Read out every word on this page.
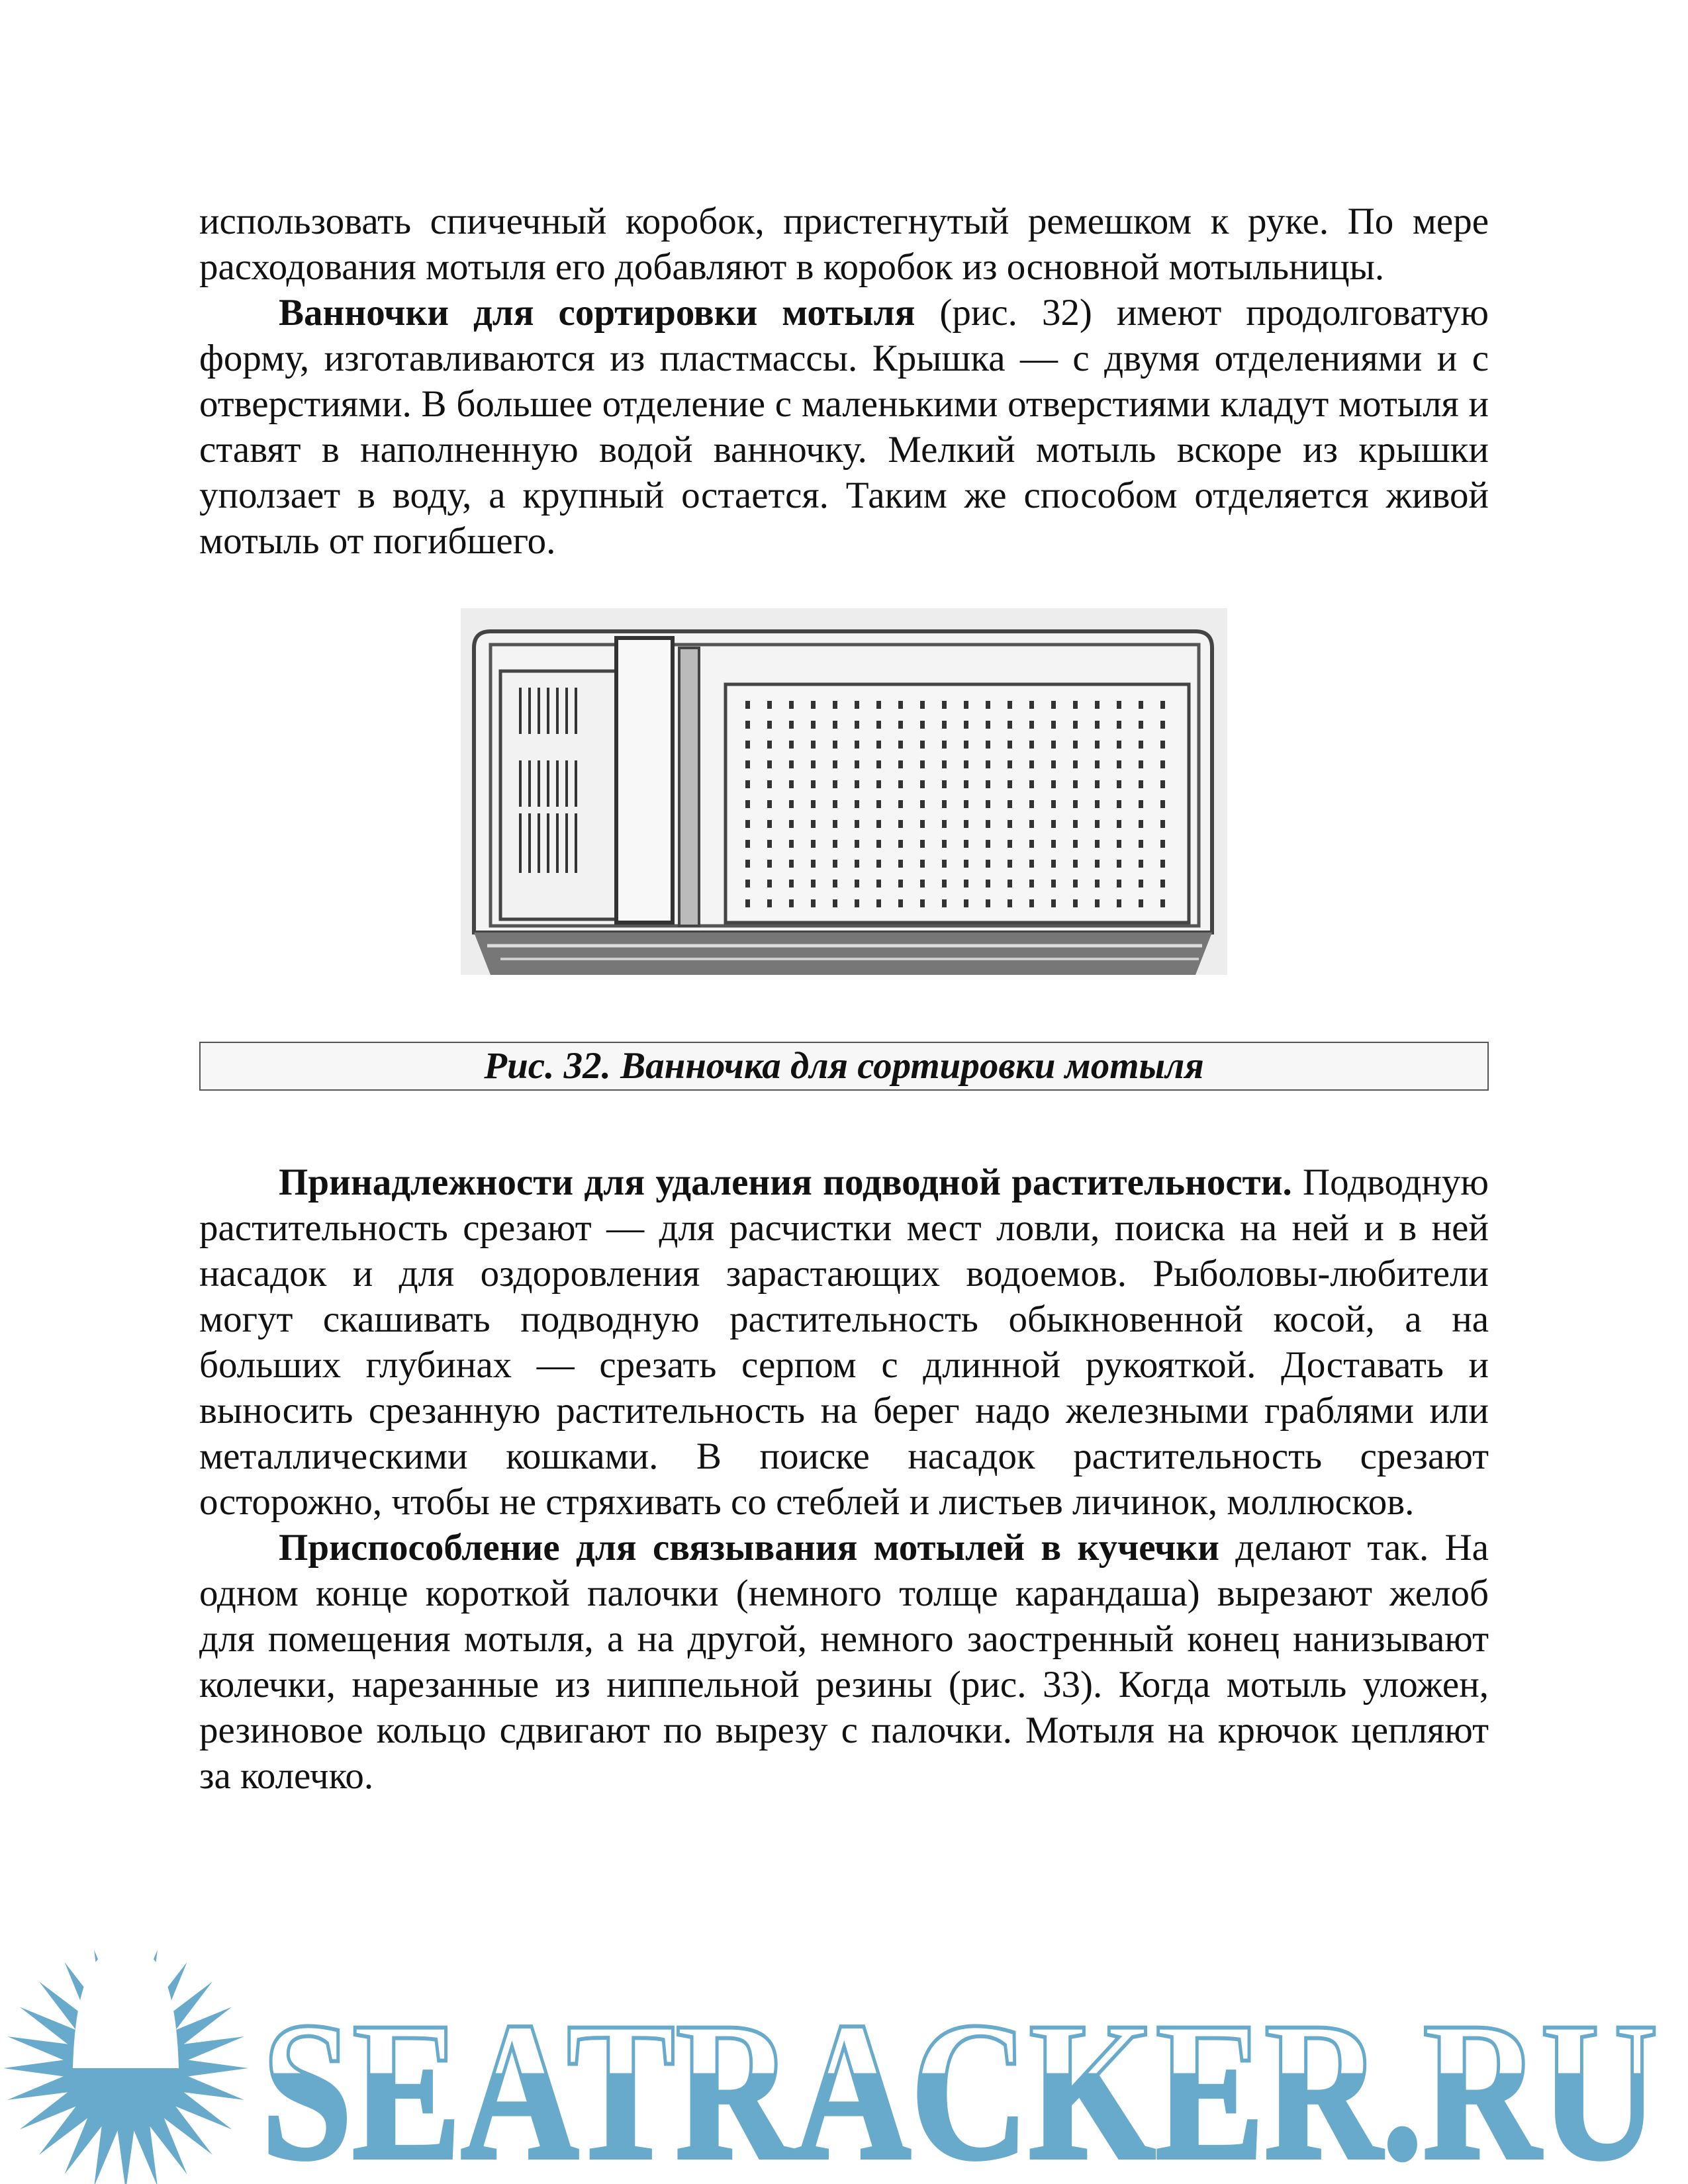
использовать спичечный коробок, пристегнутый ремешком к руке. По мере расходования мотыля его добавляют в коробок из основной мотыльницы.

Ванночки для сортировки мотыля (рис. 32) имеют продолговатую форму, изготавливаются из пластмассы. Крышка — с двумя отделениями и с отверстиями. В большее отделение с маленькими отверстиями кладут мотыля и ставят в наполненную водой ванночку. Мелкий мотыль вскоре из крышки уползает в воду, а крупный остается. Таким же способом отделяется живой мотыль от погибшего.

Рис. 32. Ванночка для сортировки мотыля

Принадлежности для удаления подводной растительности. Подводную растительность срезают — для расчистки мест ловли, поиска на ней и в ней насадок и для оздоровления зарастающих водоемов. Рыболовы-любители могут скашивать подводную растительность обыкновенной косой, а на больших глубинах — срезать серпом с длинной рукояткой. Доставать и выносить срезанную растительность на берег надо железными граблями или металлическими кошками. В поиске насадок растительность срезают осторожно, чтобы не стряхивать со стеблей и листьев личинок, моллюсков.

Приспособление для связывания мотылей в кучечки делают так. На одном конце короткой палочки (немного толще карандаша) вырезают желоб для помещения мотыля, а на другой, немного заостренный конец нанизывают колечки, нарезанные из ниппельной резины (рис. 33). Когда мотыль уложен, резиновое кольцо сдвигают по вырезу с палочки. Мотыля на крючок цепляют за колечко.

SEATRACKER.RU
